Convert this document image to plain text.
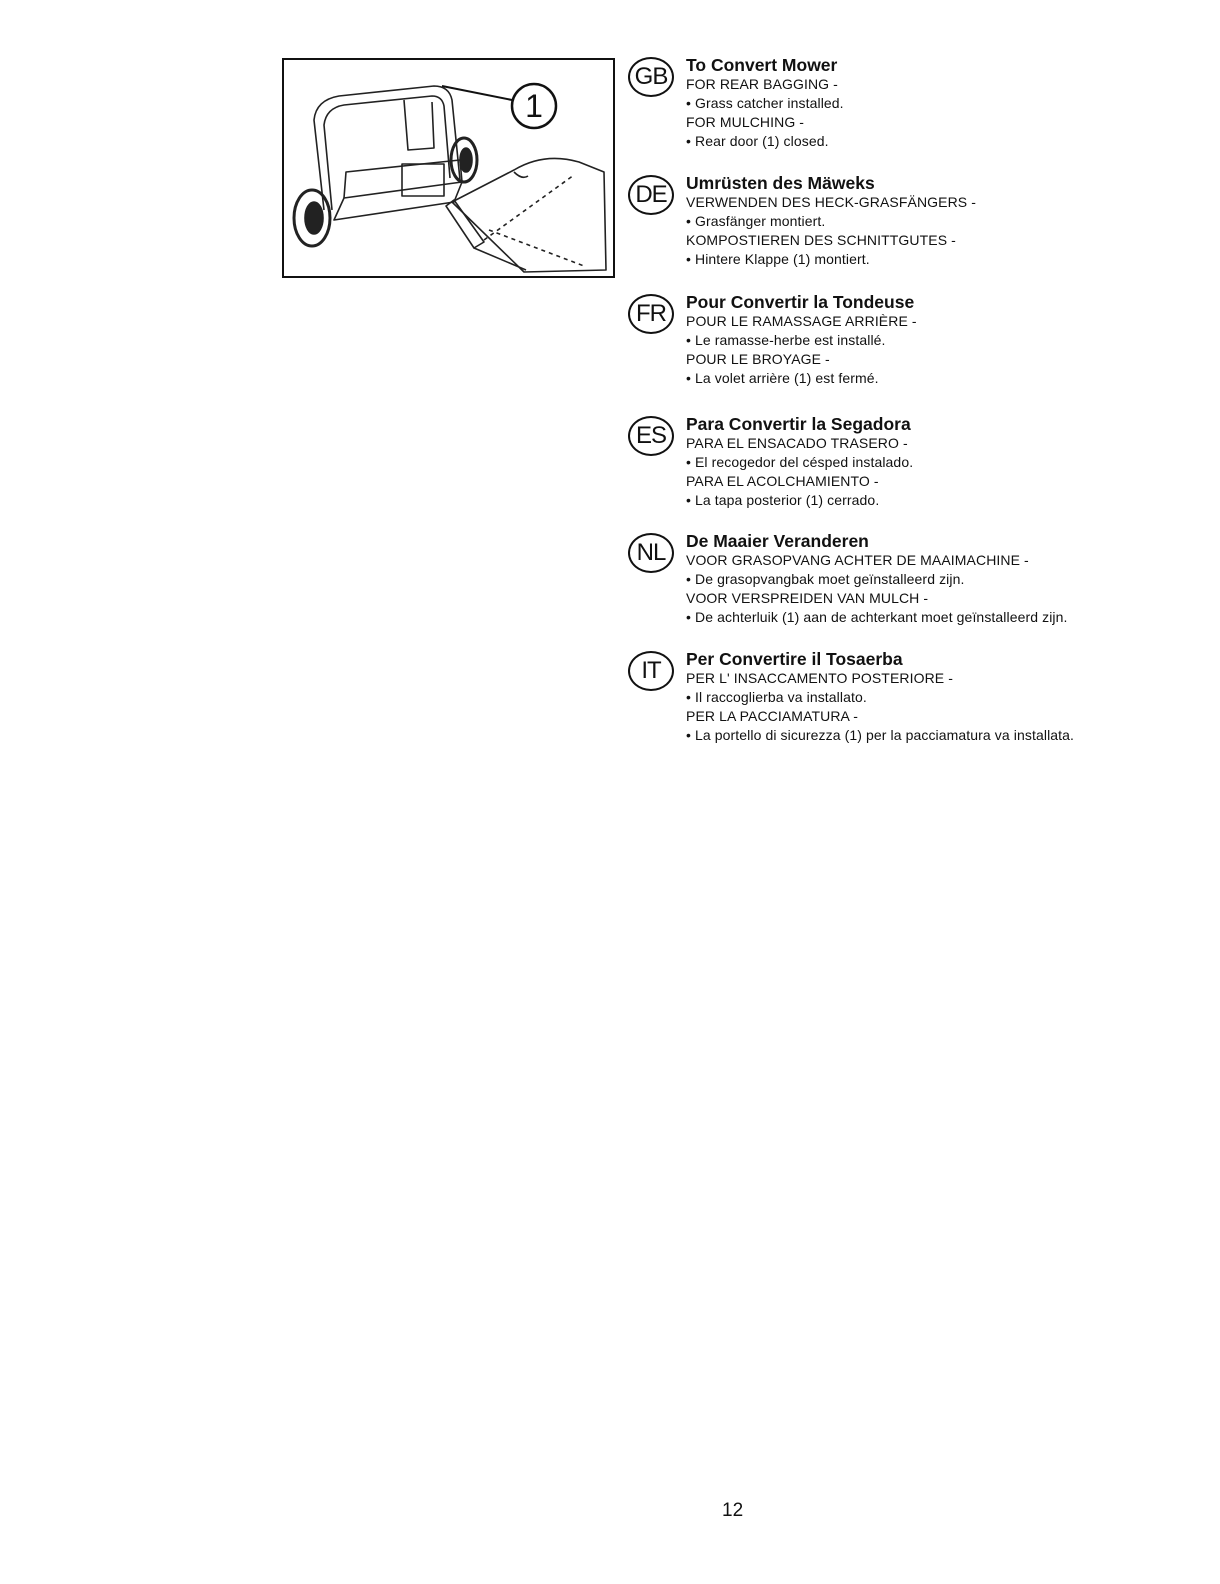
1
GB	To Convert Mower

FOR REAR BAGGING -

• Grass catcher installed.

FOR MULCHING -

• Rear door (1) closed.

DE	Umrüsten des Mäweks

VERWENDEN DES HECK-GRASFÄNGERS -

• Grasfänger montiert.

KOMPOSTIEREN DES SCHNITTGUTES -

• Hintere Klappe (1) montiert.

FR	Pour Convertir la Tondeuse

POUR LE RAMASSAGE ARRIÈRE -

• Le ramasse-herbe est installé.

POUR LE BROYAGE -

• La volet arrière (1) est fermé.

ES	Para Convertir la Segadora

PARA EL ENSACADO TRASERO -

• El recogedor del césped instalado.

PARA EL ACOLCHAMIENTO -

• La tapa posterior (1) cerrado.

NL	De Maaier Veranderen

VOOR GRASOPVANG ACHTER DE MAAIMACHINE -

• De grasopvangbak moet geïnstalleerd zijn.

VOOR VERSPREIDEN VAN MULCH -

• De achterluik (1) aan de achterkant moet geïnstalleerd zijn.

IT	Per Convertire il Tosaerba

PER L' INSACCAMENTO POSTERIORE -

• Il raccoglierba va installato.

PER LA PACCIAMATURA -

• La portello di sicurezza (1) per la pacciamatura va installata.

12
